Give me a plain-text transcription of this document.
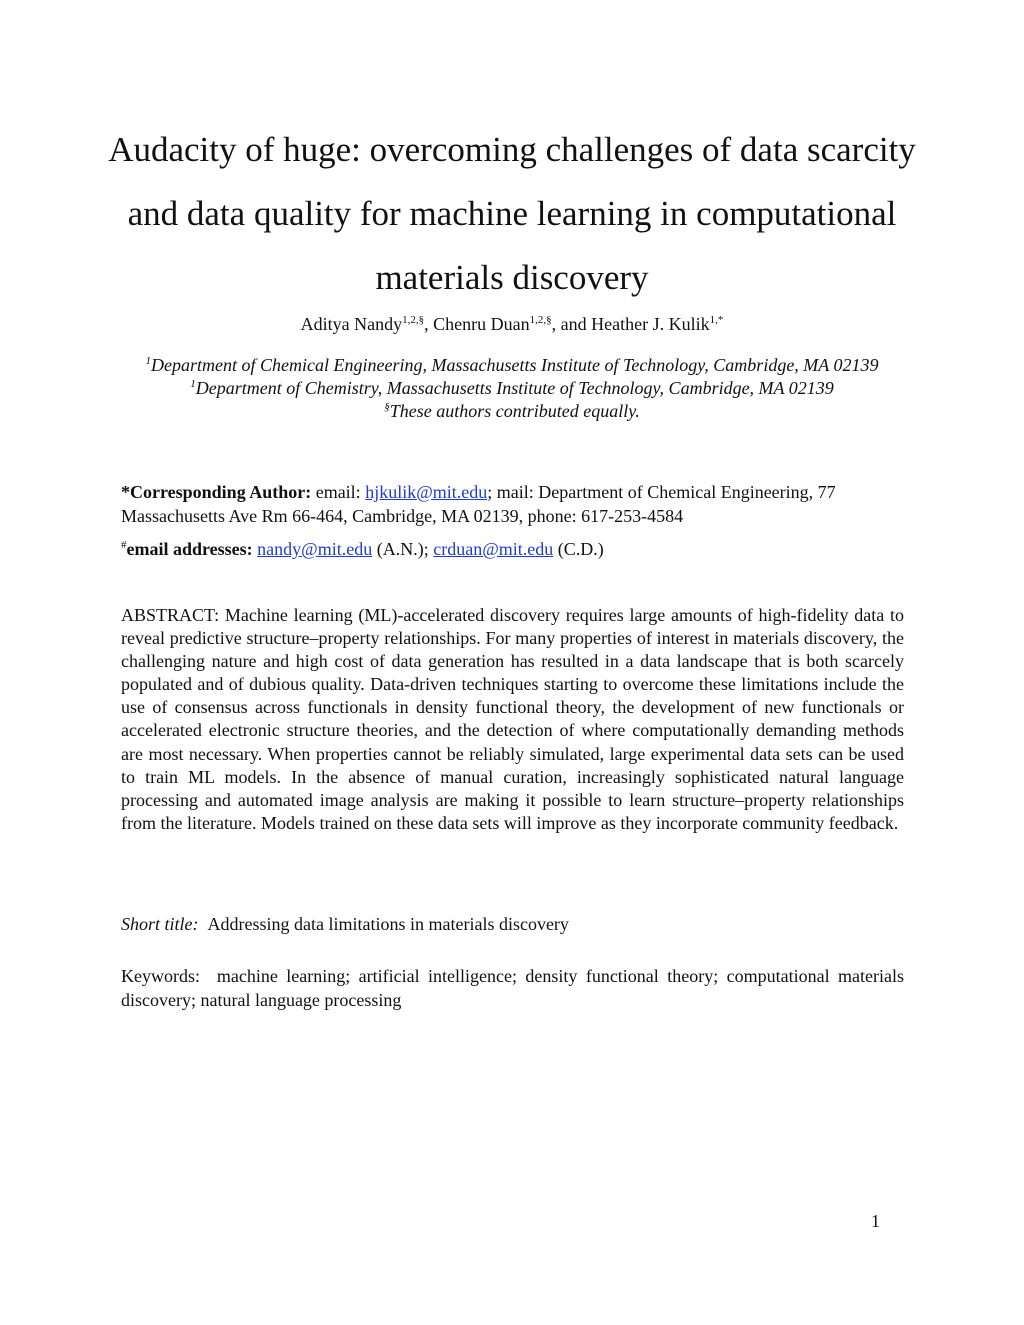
Audacity of huge: overcoming challenges of data scarcity and data quality for machine learning in computational materials discovery
Aditya Nandy$^{1,2,\S}$, Chenru Duan$^{1,2,\S}$, and Heather J. Kulik$^{1,*}$
$^1$Department of Chemical Engineering, Massachusetts Institute of Technology, Cambridge, MA 02139
$^1$Department of Chemistry, Massachusetts Institute of Technology, Cambridge, MA 02139
§These authors contributed equally.
*Corresponding Author: email: hjkulik@mit.edu; mail: Department of Chemical Engineering, 77 Massachusetts Ave Rm 66-464, Cambridge, MA 02139, phone: 617-253-4584
#email addresses: nandy@mit.edu (A.N.); crduan@mit.edu (C.D.)

ABSTRACT: Machine learning (ML)-accelerated discovery requires large amounts of high-fidelity data to reveal predictive structure–property relationships. For many properties of interest in materials discovery, the challenging nature and high cost of data generation has resulted in a data landscape that is both scarcely populated and of dubious quality. Data-driven techniques starting to overcome these limitations include the use of consensus across functionals in density functional theory, the development of new functionals or accelerated electronic structure theories, and the detection of where computationally demanding methods are most necessary. When properties cannot be reliably simulated, large experimental data sets can be used to train ML models. In the absence of manual curation, increasingly sophisticated natural language processing and automated image analysis are making it possible to learn structure–property relationships from the literature. Models trained on these data sets will improve as they incorporate community feedback.

Short title: Addressing data limitations in materials discovery
Keywords: machine learning; artificial intelligence; density functional theory; computational materials discovery; natural language processing
1
